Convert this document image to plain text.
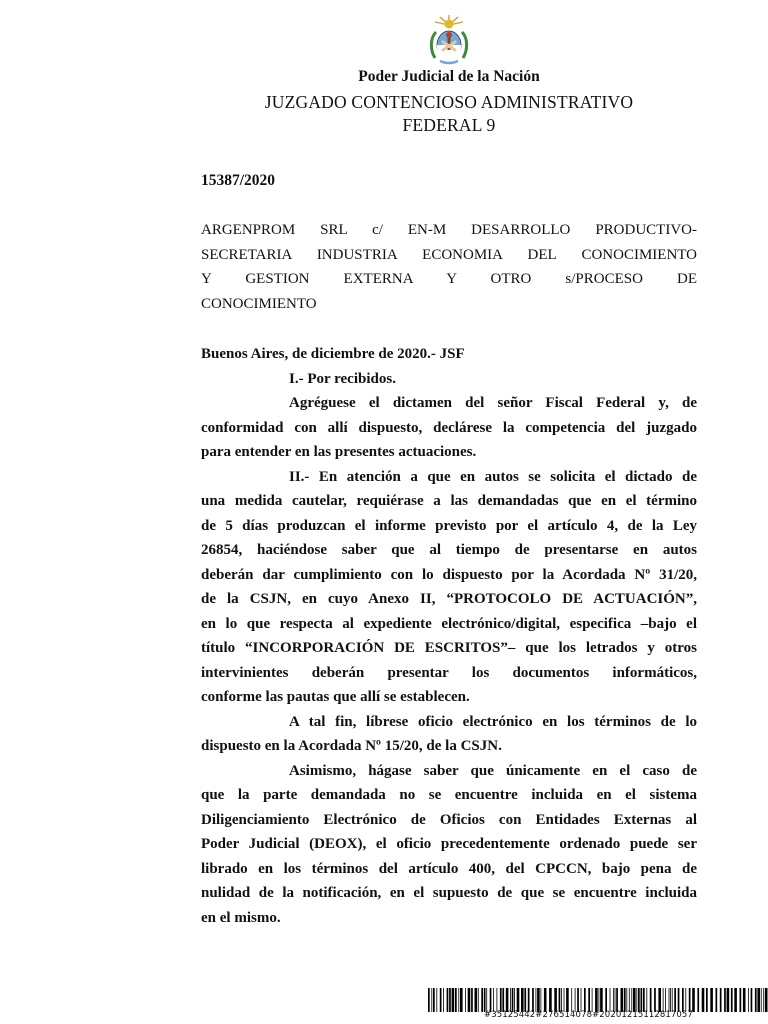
Poder Judicial de la Nación
JUZGADO CONTENCIOSO ADMINISTRATIVO
FEDERAL 9
15387/2020
ARGENPROM SRL c/ EN-M DESARROLLO PRODUCTIVO-
SECRETARIA INDUSTRIA ECONOMIA DEL CONOCIMIENTO
Y GESTION EXTERNA Y OTRO s/PROCESO DE
CONOCIMIENTO
Buenos Aires, de diciembre de 2020.- JSF
I.- Por recibidos.
Agréguese el dictamen del señor Fiscal Federal y, de
conformidad con allí dispuesto, declárese la competencia del juzgado
para entender en las presentes actuaciones.
II.- En atención a que en autos se solicita el dictado de
una medida cautelar, requiérase a las demandadas que en el término
de 5 días produzcan el informe previsto por el artículo 4, de la Ley
26854, haciéndose saber que al tiempo de presentarse en autos
deberán dar cumplimiento con lo dispuesto por la Acordada Nº 31/20,
de la CSJN, en cuyo Anexo II, “PROTOCOLO DE ACTUACIÓN”,
en lo que respecta al expediente electrónico/digital, especifica –bajo el
título “INCORPORACIÓN DE ESCRITOS”– que los letrados y otros
intervinientes deberán presentar los documentos informáticos,
conforme las pautas que allí se establecen.
A tal fin, líbrese oficio electrónico en los términos de lo
dispuesto en la Acordada Nº 15/20, de la CSJN.
Asimismo, hágase saber que únicamente en el caso de
que la parte demandada no se encuentre incluida en el sistema
Diligenciamiento Electrónico de Oficios con Entidades Externas al
Poder Judicial (DEOX), el oficio precedentemente ordenado puede ser
librado en los términos del artículo 400, del CPCCN, bajo pena de
nulidad de la notificación, en el supuesto de que se encuentre incluida
en el mismo.
#35125442#276514078#20201215112817057
